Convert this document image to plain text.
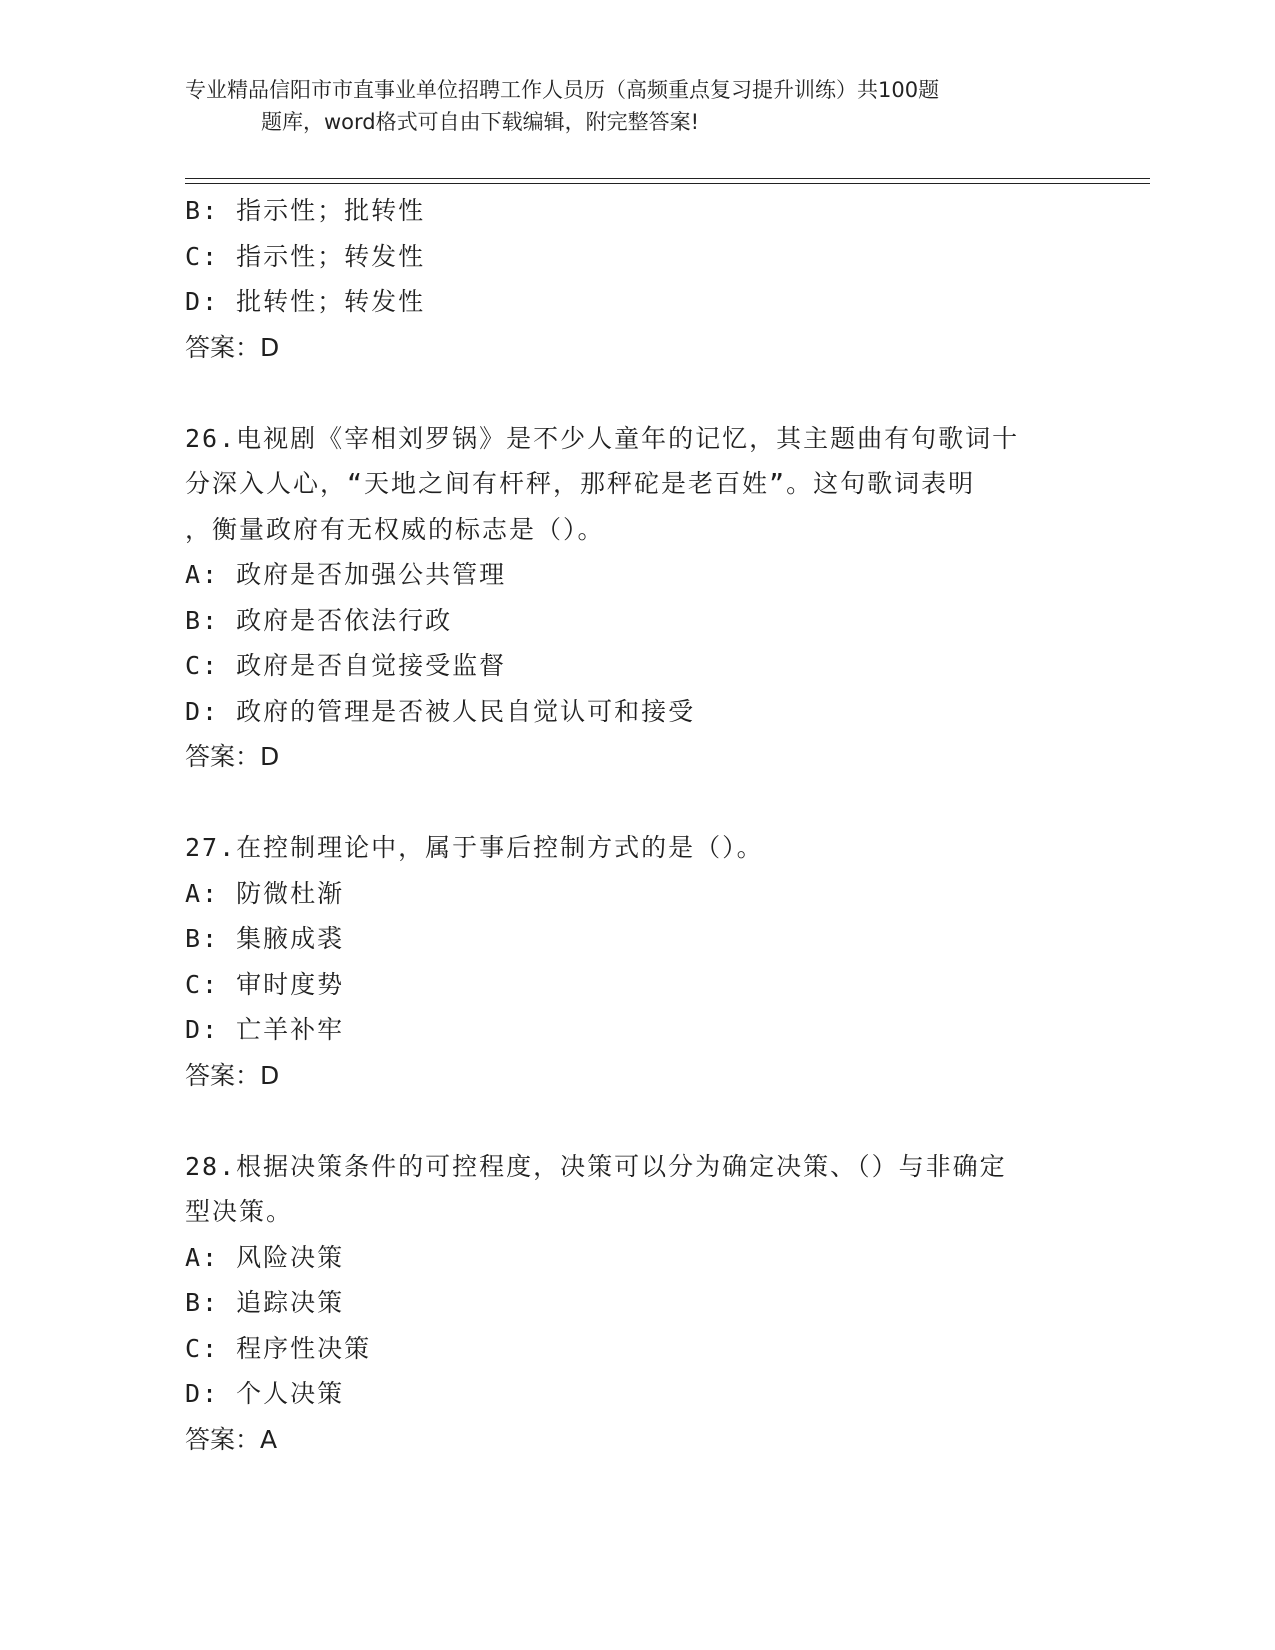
专业精品信阳市市直事业单位招聘工作人员历（高频重点复习提升训练）共100题
题库，word格式可自由下载编辑，附完整答案!
B: 指示性；批转性
C: 指示性；转发性
D: 批转性；转发性
答案：D
26.电视剧《宰相刘罗锅》是不少人童年的记忆，其主题曲有句歌词十
分深入人心，“天地之间有杆秤，那秤砣是老百姓”。这句歌词表明
，衡量政府有无权威的标志是（）。
A: 政府是否加强公共管理
B: 政府是否依法行政
C: 政府是否自觉接受监督
D: 政府的管理是否被人民自觉认可和接受
答案：D
27.在控制理论中，属于事后控制方式的是（）。
A: 防微杜渐
B: 集腋成裘
C: 审时度势
D: 亡羊补牢
答案：D
28.根据决策条件的可控程度，决策可以分为确定决策、（）与非确定
型决策。
A: 风险决策
B: 追踪决策
C: 程序性决策
D: 个人决策
答案：A
